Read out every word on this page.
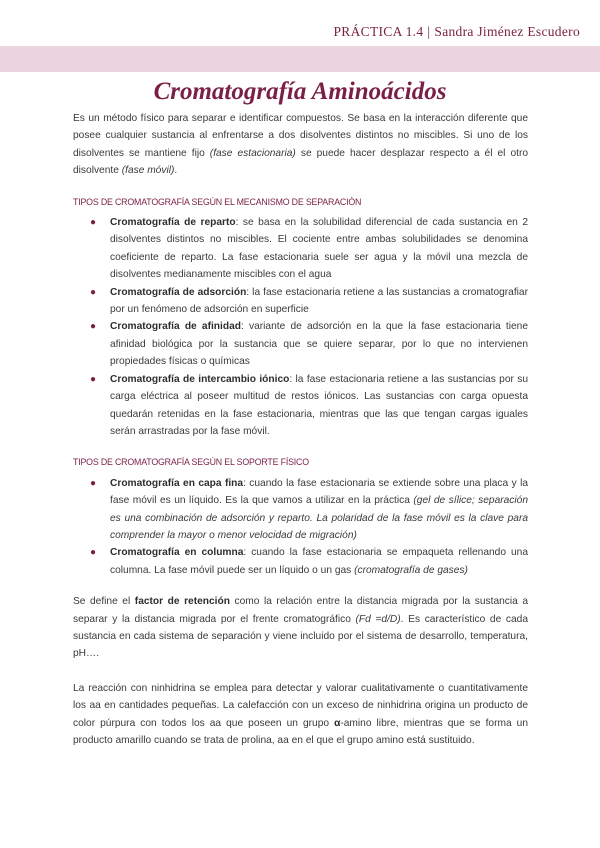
PRÁCTICA 1.4 | Sandra Jiménez Escudero
Cromatografía Aminoácidos

Es un método físico para separar e identificar compuestos. Se basa en la interacción diferente que posee cualquier sustancia al enfrentarse a dos disolventes distintos no miscibles. Si uno de los disolventes se mantiene fijo (fase estacionaria) se puede hacer desplazar respecto a él el otro disolvente (fase móvil).

TIPOS DE CROMATOGRAFÍA SEGÚN EL MECANISMO DE SEPARACIÓN
● Cromatografía de reparto: se basa en la solubilidad diferencial de cada sustancia en 2 disolventes distintos no miscibles. El cociente entre ambas solubilidades se denomina coeficiente de reparto. La fase estacionaria suele ser agua y la móvil una mezcla de disolventes medianamente miscibles con el agua
● Cromatografía de adsorción: la fase estacionaria retiene a las sustancias a cromatografiar por un fenómeno de adsorción en superficie
● Cromatografía de afinidad: variante de adsorción en la que la fase estacionaria tiene afinidad biológica por la sustancia que se quiere separar, por lo que no intervienen propiedades físicas o químicas
● Cromatografía de intercambio iónico: la fase estacionaria retiene a las sustancias por su carga eléctrica al poseer multitud de restos iónicos. Las sustancias con carga opuesta quedarán retenidas en la fase estacionaria, mientras que las que tengan cargas iguales serán arrastradas por la fase móvil.
TIPOS DE CROMATOGRAFÍA SEGÚN EL SOPORTE FÍSICO
● Cromatografía en capa fina: cuando la fase estacionaria se extiende sobre una placa y la fase móvil es un líquido. Es la que vamos a utilizar en la práctica (gel de sílice; separación es una combinación de adsorción y reparto. La polaridad de la fase móvil es la clave para comprender la mayor o menor velocidad de migración)
● Cromatografía en columna: cuando la fase estacionaria se empaqueta rellenando una columna. La fase móvil puede ser un líquido o un gas (cromatografía de gases)

Se define el factor de retención como la relación entre la distancia migrada por la sustancia a separar y la distancia migrada por el frente cromatográfico (Fd =d/D). Es característico de cada sustancia en cada sistema de separación y viene incluido por el sistema de desarrollo, temperatura, pH….

La reacción con ninhidrina se emplea para detectar y valorar cualitativamente o cuantitativamente los aa en cantidades pequeñas. La calefacción con un exceso de ninhidrina origina un producto de color púrpura con todos los aa que poseen un grupo α-amino libre, mientras que se forma un producto amarillo cuando se trata de prolina, aa en el que el grupo amino está sustituido.
